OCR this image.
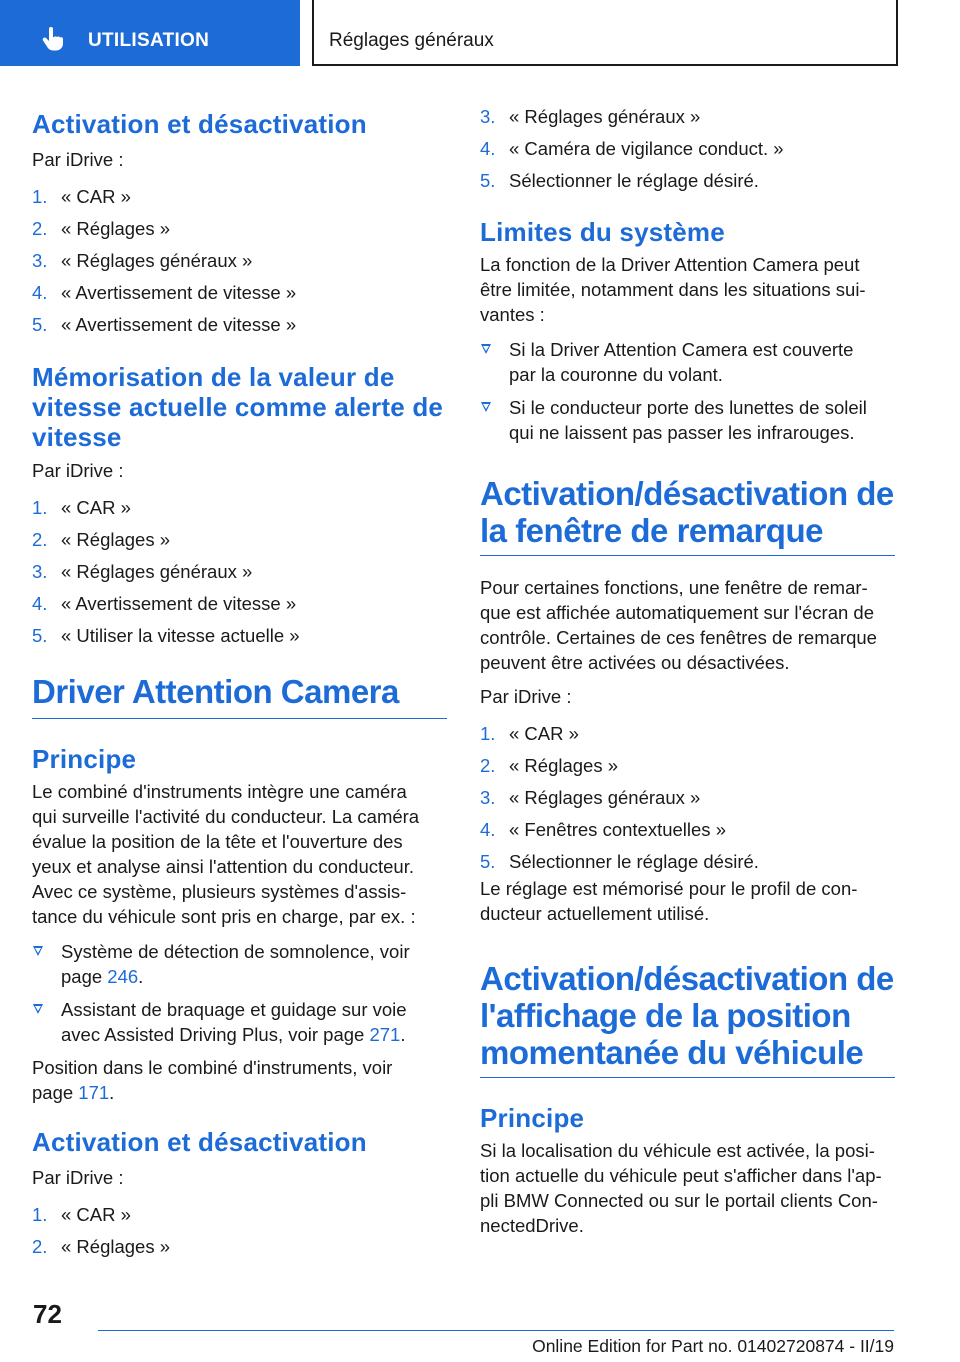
UTILISATION	Réglages généraux
Activation et désactivation

Par iDrive :

1. « CAR »
2. « Réglages »
3. « Réglages généraux »
4. « Avertissement de vitesse »
5. « Avertissement de vitesse »
Mémorisation de la valeur de
vitesse actuelle comme alerte de
vitesse

Par iDrive :

1. « CAR »
2. « Réglages »
3. « Réglages généraux »
4. « Avertissement de vitesse »
5. « Utiliser la vitesse actuelle »
Driver Attention Camera
Principe

Le combiné d'instruments intègre une caméra
qui surveille l'activité du conducteur. La caméra
évalue la position de la tête et l'ouverture des
yeux et analyse ainsi l'attention du conducteur.
Avec ce système, plusieurs systèmes d'assis-
tance du véhicule sont pris en charge, par ex. :

Système de détection de somnolence, voir
page 246.
Assistant de braquage et guidage sur voie
avec Assisted Driving Plus, voir page 271.

Position dans le combiné d'instruments, voir
page 171.

Activation et désactivation

Par iDrive :

1. « CAR »
2. « Réglages »
3. « Réglages généraux »
4. « Caméra de vigilance conduct. »
5. Sélectionner le réglage désiré.
Limites du système

La fonction de la Driver Attention Camera peut
être limitée, notamment dans les situations sui-
vantes :

Si la Driver Attention Camera est couverte
par la couronne du volant.
Si le conducteur porte des lunettes de soleil
qui ne laissent pas passer les infrarouges.
Activation/désactivation de
la fenêtre de remarque

Pour certaines fonctions, une fenêtre de remar-
que est affichée automatiquement sur l'écran de
contrôle. Certaines de ces fenêtres de remarque
peuvent être activées ou désactivées.

Par iDrive :

1. « CAR »
2. « Réglages »
3. « Réglages généraux »
4. « Fenêtres contextuelles »
5. Sélectionner le réglage désiré.

Le réglage est mémorisé pour le profil de con-
ducteur actuellement utilisé.

Activation/désactivation de
l'affichage de la position
momentanée du véhicule
Principe

Si la localisation du véhicule est activée, la posi-
tion actuelle du véhicule peut s'afficher dans l'ap-
pli BMW Connected ou sur le portail clients Con-
nectedDrive.

72
Online Edition for Part no. 01402720874 - II/19
